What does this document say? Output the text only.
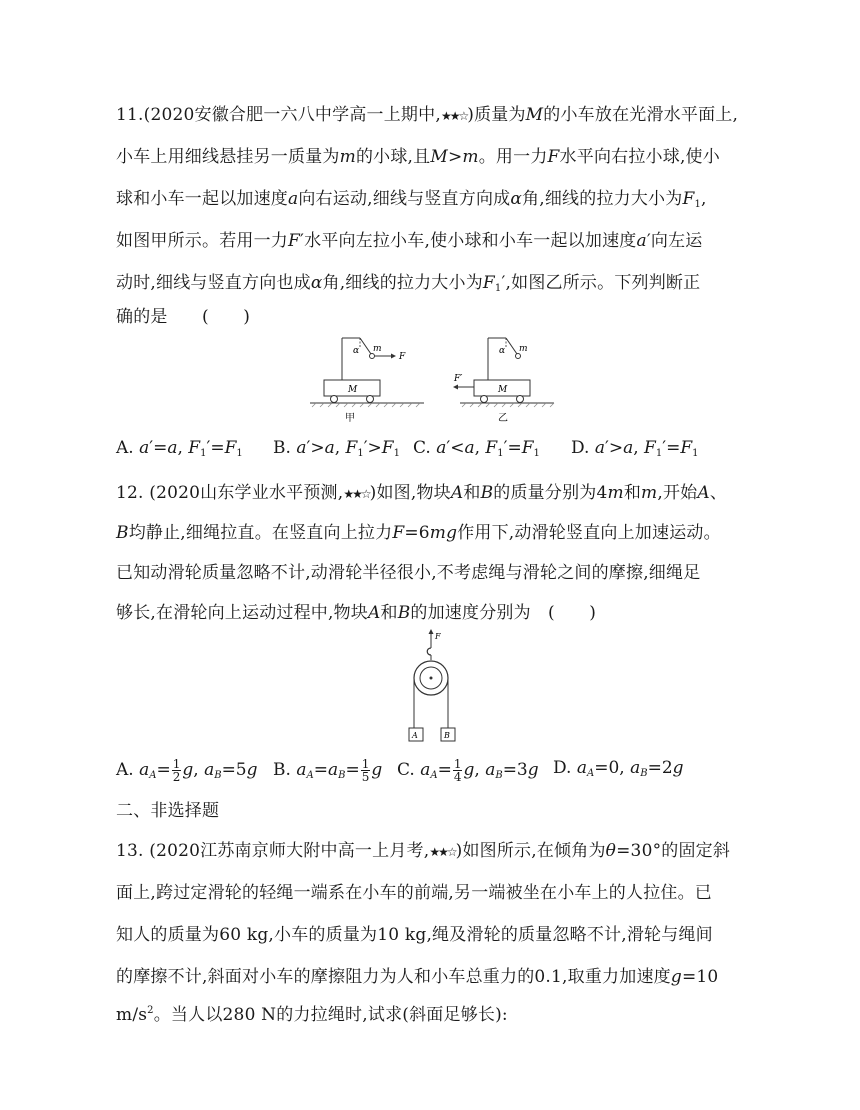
11.(2020安徽合肥一六八中学高一上期中,★★☆)质量为M的小车放在光滑水平面上,
小车上用细线悬挂另一质量为m的小球,且M>m。用一力F水平向右拉小球,使小
球和小车一起以加速度a向右运动,细线与竖直方向成α角,细线的拉力大小为$F_1$,
如图甲所示。若用一力F′水平向左拉小车,使小球和小车一起以加速度a′向左运
动时,细线与竖直方向也成α角,细线的拉力大小为$F_1'$,如图乙所示。下列判断正
确的是　　(　　)
M
α m
F
甲
M
α m
F′
乙
A. a′=a, $F_1'=F_1$ B. a′>a, $F_1'>F_1$ C. a′<a, $F_1'=F_1$ D. a′>a, $F_1'=F_1$
12. (2020山东学业水平预测,★★☆)如图,物块A和B的质量分别为4m和m,开始A、
B均静止,细绳拉直。在竖直向上拉力F=6mg作用下,动滑轮竖直向上加速运动。
已知动滑轮质量忽略不计,动滑轮半径很小,不考虑绳与滑轮之间的摩擦,细绳足
够长,在滑轮向上运动过程中,物块A和B的加速度分别为　(　　)
F
A	B
A. $a_A= \frac{1}{2} g$, $a_B=5g$ B. $a_A=a_B= \frac{1}{5}$ g C. $a_A= \frac{1}{4} g$, $a_B=3g$ D. $a_A=0$, $a_B=2g$
二、非选择题
13. (2020江苏南京师大附中高一上月考,★★☆)如图所示,在倾角为θ=30°的固定斜
面上,跨过定滑轮的轻绳一端系在小车的前端,另一端被坐在小车上的人拉住。已
知人的质量为60 kg,小车的质量为10 kg,绳及滑轮的质量忽略不计,滑轮与绳间
的摩擦不计,斜面对小车的摩擦阻力为人和小车总重力的0.1,取重力加速度g=10
$m/s^2$。当人以280 N的力拉绳时,试求(斜面足够长):
